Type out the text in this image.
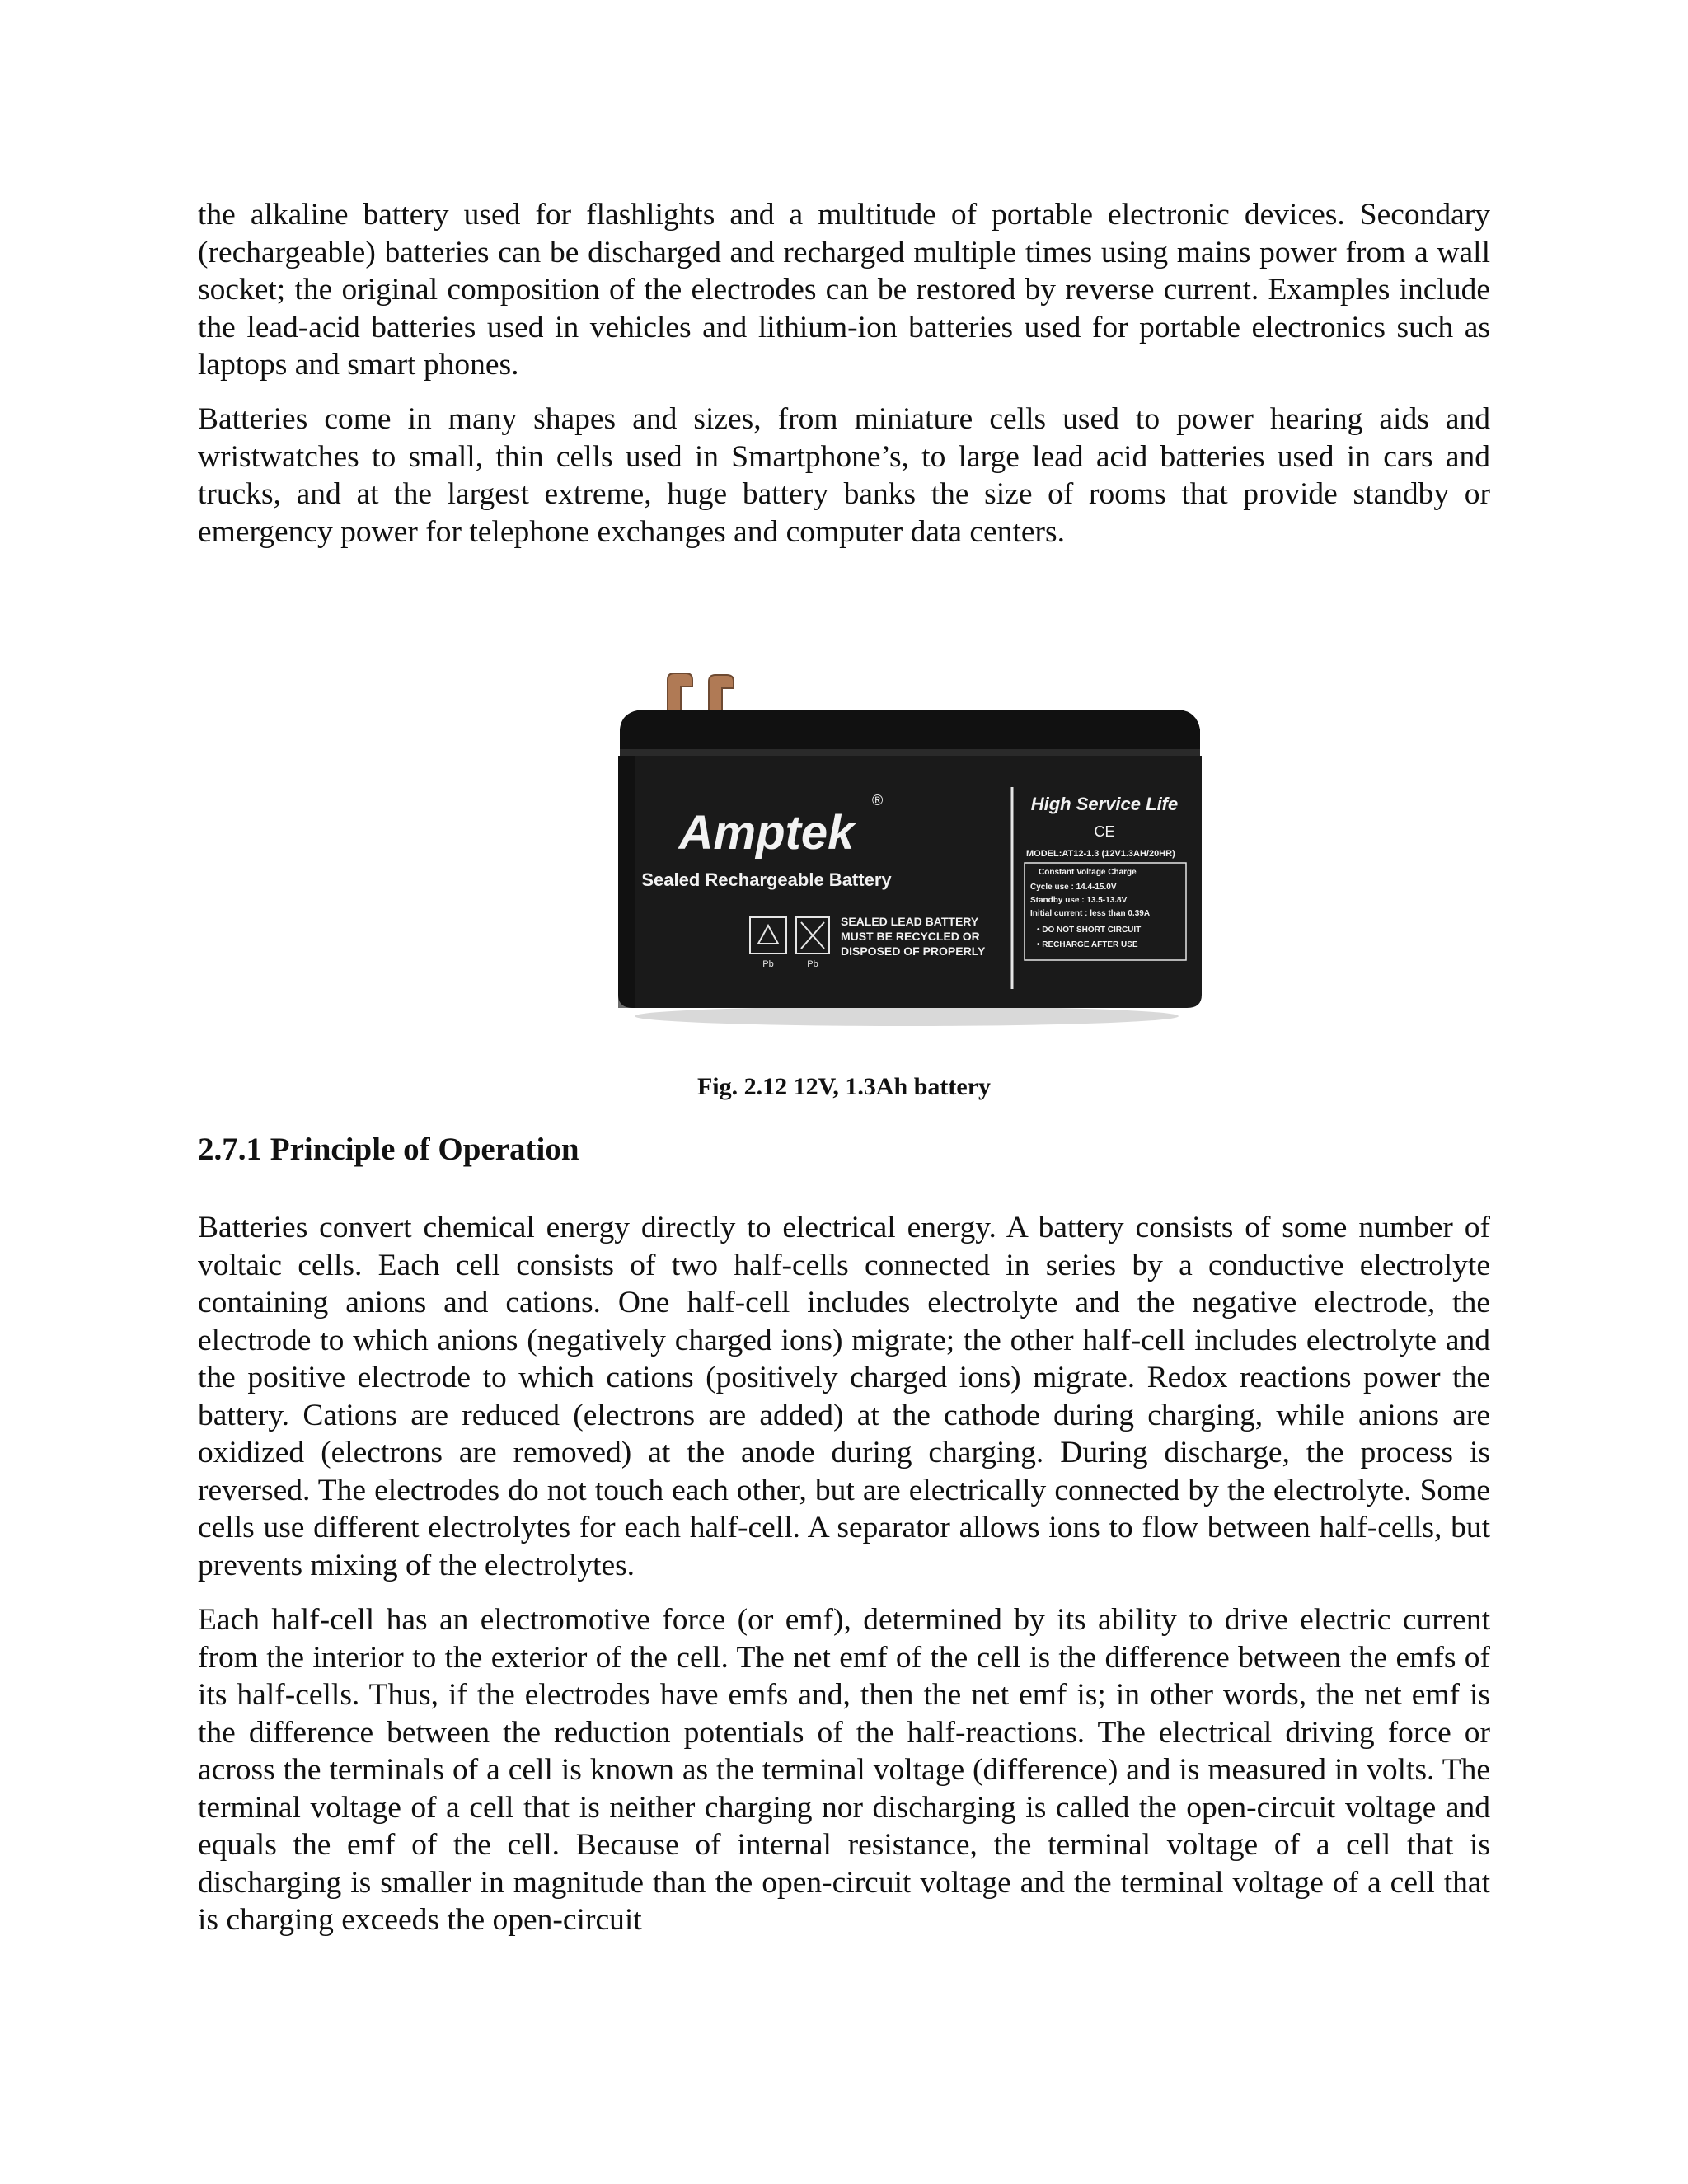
the alkaline battery used for flashlights and a multitude of portable electronic devices. Secondary (rechargeable) batteries can be discharged and recharged multiple times using mains power from a wall socket; the original composition of the electrodes can be restored by reverse current. Examples include the lead-acid batteries used in vehicles and lithium-ion batteries used for portable electronics such as laptops and smart phones.

Batteries come in many shapes and sizes, from miniature cells used to power hearing aids and wristwatches to small, thin cells used in Smartphone’s, to large lead acid batteries used in cars and trucks, and at the largest extreme, huge battery banks the size of rooms that provide standby or emergency power for telephone exchanges and computer data centers.

Amptek
®
Sealed Rechargeable Battery
Pb	Pb
SEALED LEAD BATTERY
MUST BE RECYCLED OR
DISPOSED OF PROPERLY
High Service Life
CE
MODEL:AT12-1.3 (12V1.3AH/20HR)
Constant Voltage Charge
Cycle use : 14.4-15.0V
Standby use : 13.5-13.8V
Initial current : less than 0.39A
• DO NOT SHORT CIRCUIT
• RECHARGE AFTER USE

Fig. 2.12 12V, 1.3Ah battery

2.7.1 Principle of Operation

Batteries convert chemical energy directly to electrical energy. A battery consists of some number of voltaic cells. Each cell consists of two half-cells connected in series by a conductive electrolyte containing anions and cations. One half-cell includes electrolyte and the negative electrode, the electrode to which anions (negatively charged ions) migrate; the other half-cell includes electrolyte and the positive electrode to which cations (positively charged ions) migrate. Redox reactions power the battery. Cations are reduced (electrons are added) at the cathode during charging, while anions are oxidized (electrons are removed) at the anode during charging. During discharge, the process is reversed. The electrodes do not touch each other, but are electrically connected by the electrolyte. Some cells use different electrolytes for each half-cell. A separator allows ions to flow between half-cells, but prevents mixing of the electrolytes.

Each half-cell has an electromotive force (or emf), determined by its ability to drive electric current from the interior to the exterior of the cell. The net emf of the cell is the difference between the emfs of its half-cells. Thus, if the electrodes have emfs and, then the net emf is; in other words, the net emf is the difference between the reduction potentials of the half-reactions. The electrical driving force or across the terminals of a cell is known as the terminal voltage (difference) and is measured in volts. The terminal voltage of a cell that is neither charging nor discharging is called the open-circuit voltage and equals the emf of the cell. Because of internal resistance, the terminal voltage of a cell that is discharging is smaller in magnitude than the open-circuit voltage and the terminal voltage of a cell that is charging exceeds the open-circuit
